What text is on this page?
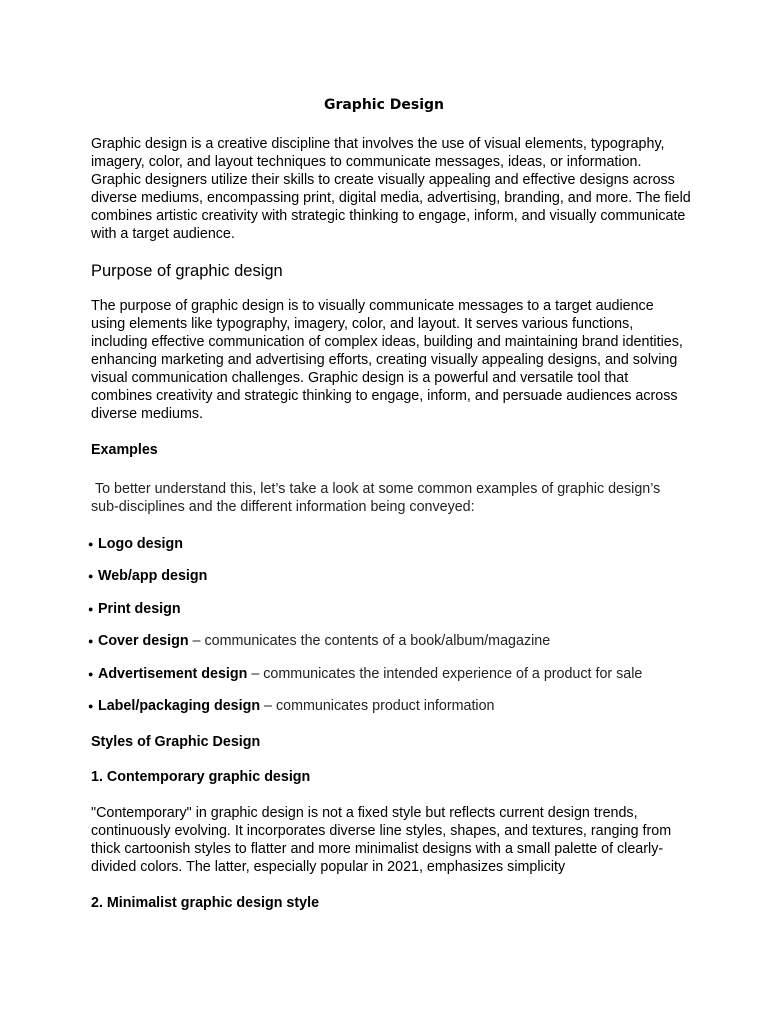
Graphic Design

Graphic design is a creative discipline that involves the use of visual elements, typography, imagery, color, and layout techniques to communicate messages, ideas, or information. Graphic designers utilize their skills to create visually appealing and effective designs across diverse mediums, encompassing print, digital media, advertising, branding, and more. The field combines artistic creativity with strategic thinking to engage, inform, and visually communicate with a target audience.

Purpose of graphic design

The purpose of graphic design is to visually communicate messages to a target audience using elements like typography, imagery, color, and layout. It serves various functions, including effective communication of complex ideas, building and maintaining brand identities, enhancing marketing and advertising efforts, creating visually appealing designs, and solving visual communication challenges. Graphic design is a powerful and versatile tool that combines creativity and strategic thinking to engage, inform, and persuade audiences across diverse mediums.

Examples

To better understand this, let’s take a look at some common examples of graphic design’s sub-disciplines and the different information being conveyed:

● Logo design
● Web/app design
● Print design
● Cover design – communicates the contents of a book/album/magazine
● Advertisement design – communicates the intended experience of a product for sale
● Label/packaging design – communicates product information
Styles of Graphic Design
1. Contemporary graphic design

"Contemporary" in graphic design is not a fixed style but reflects current design trends, continuously evolving. It incorporates diverse line styles, shapes, and textures, ranging from thick cartoonish styles to flatter and more minimalist designs with a small palette of clearly-divided colors. The latter, especially popular in 2021, emphasizes simplicity

2. Minimalist graphic design style
